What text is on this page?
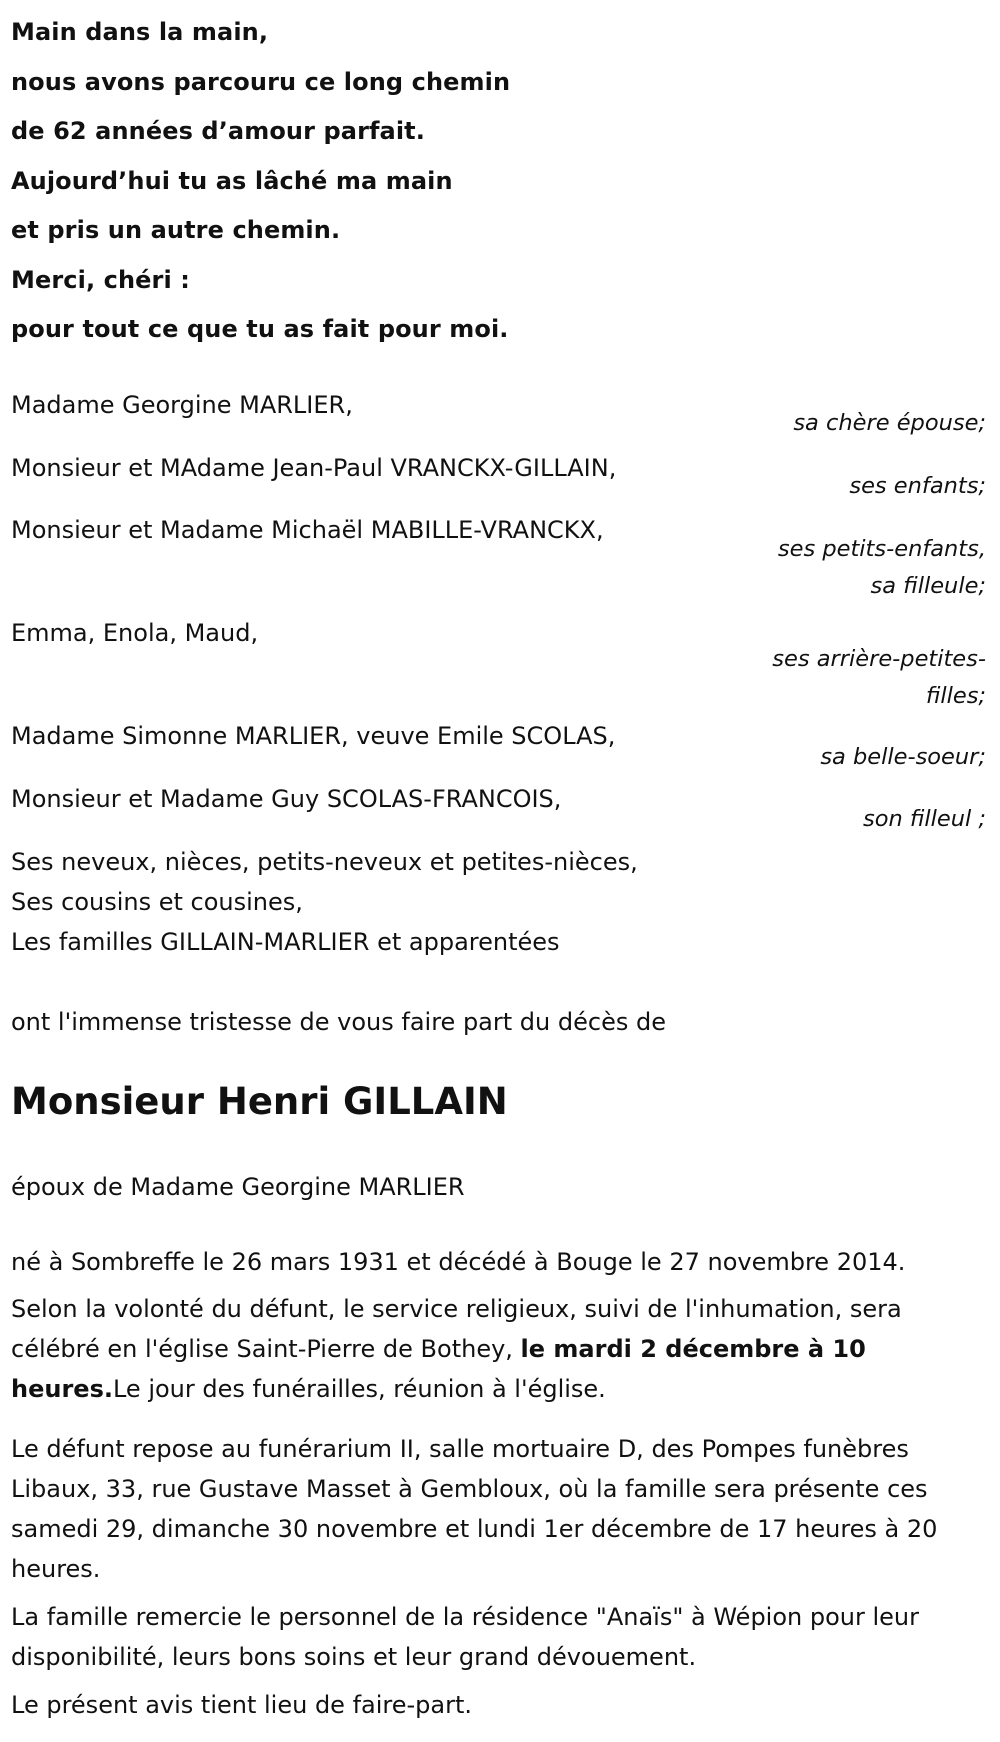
Main dans la main,
nous avons parcouru ce long chemin
de 62 années d’amour parfait.
Aujourd’hui tu as lâché ma main
et pris un autre chemin.
Merci, chéri :
pour tout ce que tu as fait pour moi.
Madame Georgine MARLIER,
sa chère épouse;
Monsieur et MAdame Jean-Paul VRANCKX-GILLAIN,
ses enfants;
Monsieur et Madame Michaël MABILLE-VRANCKX,
ses petits-enfants, sa filleule;
Emma, Enola, Maud,
ses arrière-petites-filles;
Madame Simonne MARLIER, veuve Emile SCOLAS,
sa belle-soeur;
Monsieur et Madame Guy SCOLAS-FRANCOIS,
son filleul ;
Ses neveux, nièces, petits-neveux et petites-nièces,
Ses cousins et cousines,
Les familles GILLAIN-MARLIER et apparentées
ont l'immense tristesse de vous faire part du décès de
Monsieur Henri GILLAIN
époux de Madame Georgine MARLIER

né à Sombreffe le 26 mars 1931 et décédé à Bouge le 27 novembre 2014.

Selon la volonté du défunt, le service religieux, suivi de l'inhumation, sera célébré en l'église Saint-Pierre de Bothey, le mardi 2 décembre à 10 heures.Le jour des funérailles, réunion à l'église.

Le défunt repose au funérarium II, salle mortuaire D, des Pompes funèbres Libaux, 33, rue Gustave Masset à Gembloux, où la famille sera présente ces samedi 29, dimanche 30 novembre et lundi 1er décembre de 17 heures à 20 heures.

La famille remercie le personnel de la résidence "Anaïs" à Wépion pour leur disponibilité, leurs bons soins et leur grand dévouement.

Le présent avis tient lieu de faire-part.
